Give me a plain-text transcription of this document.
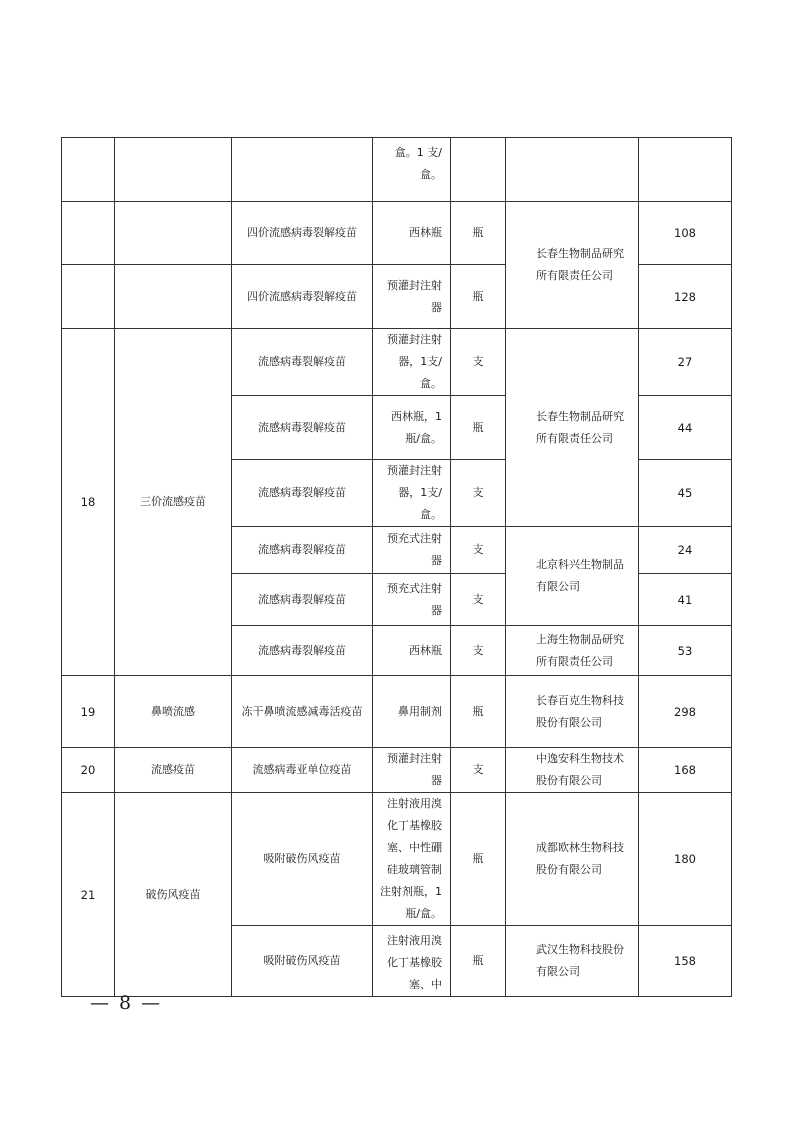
			盒。1 支/盒。			
		四价流感病毒裂解疫苗	西林瓶	瓶	长春生物制品研究所有限责任公司	108
		四价流感病毒裂解疫苗	预灌封注射器	瓶		128
18	三价流感疫苗	流感病毒裂解疫苗	预灌封注射器，1支/盒。	支	长春生物制品研究所有限责任公司	27
		流感病毒裂解疫苗	西林瓶，1瓶/盒。	瓶		44
		流感病毒裂解疫苗	预灌封注射器，1支/盒。	支		45
		流感病毒裂解疫苗	预充式注射器	支	北京科兴生物制品有限公司	24
		流感病毒裂解疫苗	预充式注射器	支		41
		流感病毒裂解疫苗	西林瓶	支	上海生物制品研究所有限责任公司	53
19	鼻喷流感	冻干鼻喷流感减毒活疫苗	鼻用制剂	瓶	长春百克生物科技股份有限公司	298
20	流感疫苗	流感病毒亚单位疫苗	预灌封注射器	支	中逸安科生物技术股份有限公司	168
21	破伤风疫苗	吸附破伤风疫苗	注射液用溴化丁基橡胶塞、中性硼硅玻璃管制注射剂瓶，1瓶/盒。	瓶	成都欧林生物科技股份有限公司	180
		吸附破伤风疫苗	注射液用溴化丁基橡胶塞、中	瓶	武汉生物科技股份有限公司	158
— 8 —
